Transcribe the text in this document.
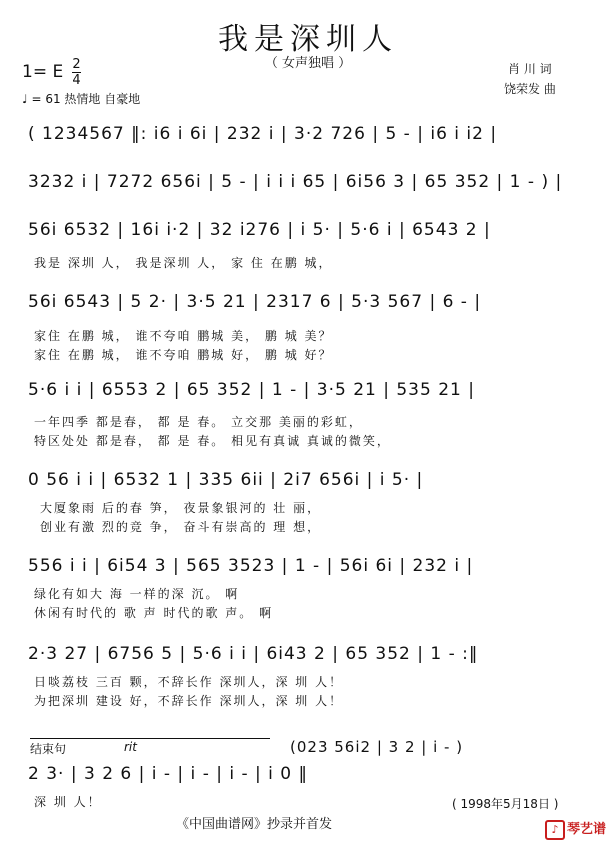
我是深圳人
（ 女声独唱 ）
1= E 2
4
♩ = 61 热情地 自豪地
肖 川 词
饶荣发 曲
( 1234567 ‖: i6 i 6i | 232 i | 3·2 726 | 5 - | i6 i i2 |
3232 i | 7272 656i | 5 - | i i i 65 | 6i56 3 | 65 352 | 1 - ) |
56i 6532 | 16i i·2 | 32 i276 | i 5· | 5·6 i | 6543 2 |
我是 深圳 人， 我是深圳 人， 家 住 在鹏 城，
56i 6543 | 5 2· | 3·5 21 | 2317 6 | 5·3 567 | 6 - |
家住 在鹏 城， 谁不夸咱 鹏城 美， 鹏 城 美？
家住 在鹏 城， 谁不夸咱 鹏城 好， 鹏 城 好？
5·6 i i | 6553 2 | 65 352 | 1 - | 3·5 21 | 535 21 |
一年四季 都是春， 都 是 春。 立交那 美丽的彩虹，
特区处处 都是春， 都 是 春。 相见有真诚 真诚的微笑，
0 56 i i | 6532 1 | 335 6ii | 2i7 656i | i 5· |
大厦象雨 后的春 笋， 夜景象银河的 壮 丽，
创业有激 烈的竞 争， 奋斗有崇高的 理 想，
556 i i | 6i54 3 | 565 3523 | 1 - | 56i 6i | 232 i |
绿化有如大 海 一样的深 沉。 啊
休闲有时代的 歌 声 时代的歌 声。 啊
2·3 27 | 6756 5 | 5·6 i i | 6i43 2 | 65 352 | 1 - :‖
日啖荔枝 三百 颗，不辞长作 深圳人，深 圳 人！
为把深圳 建设 好，不辞长作 深圳人，深 圳 人！
结束句	rit	(023 56i2 | 3 2 | i - )
2 3· | 3 2 6 | i - | i - | i - | i 0 ‖
深 圳 人！	( 1998年5月18日 )
《中国曲谱网》抄录并首发	♪ 琴艺谱
